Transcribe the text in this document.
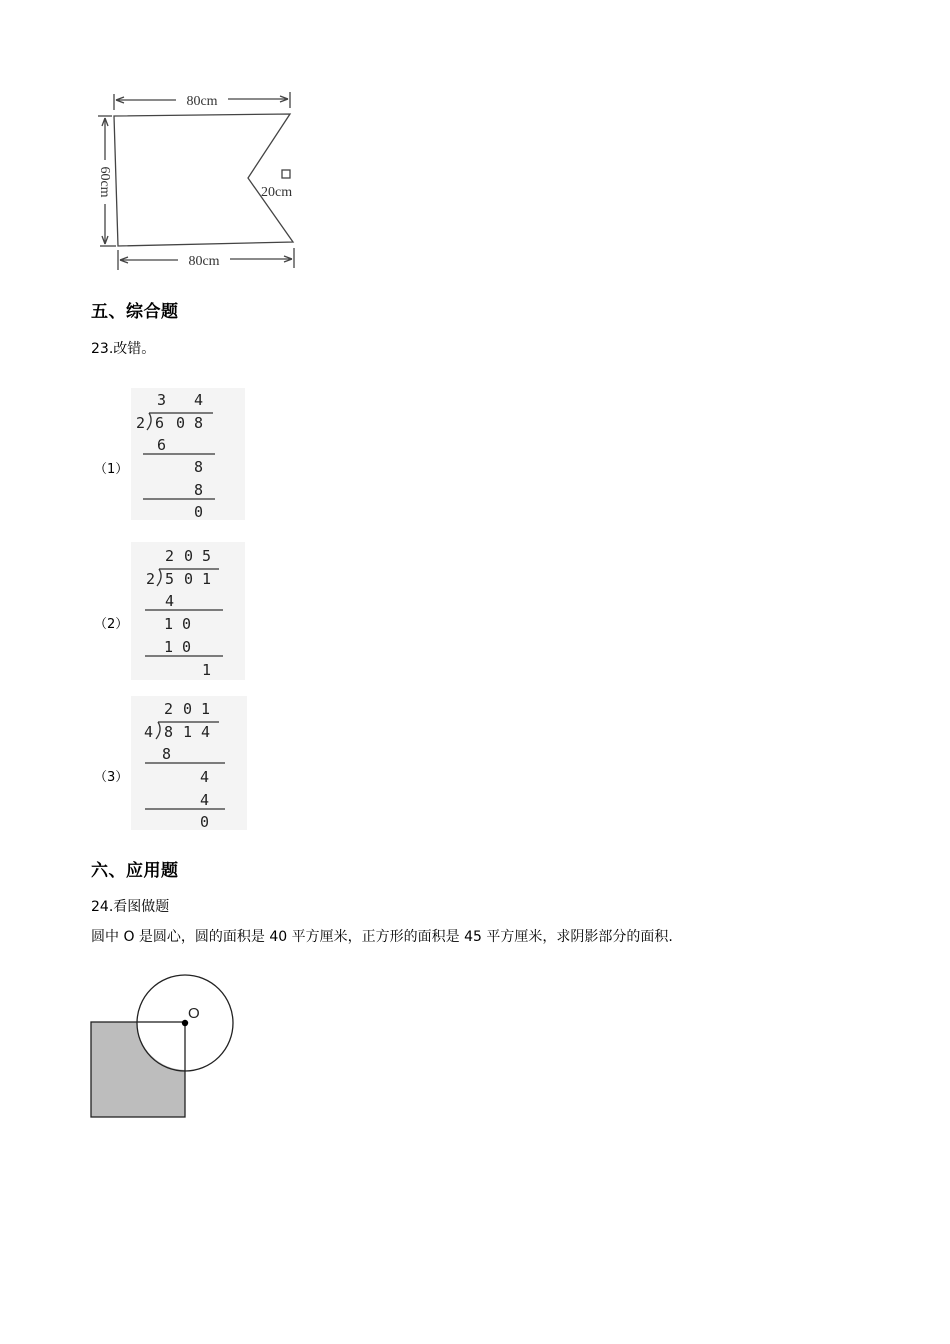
80cm
80cm
60cm	20cm
五、综合题
23.改错。
（1）
3 4
2 6 0 8
6
8
8
0
（2）
2 0 5
2 5 0 1
4
1 0
1 0
1
（3）
2 0 1
4 8 1 4
8
4
4
0
六、应用题
24.看图做题
圆中 O 是圆心，圆的面积是 40 平方厘米，正方形的面积是 45 平方厘米，求阴影部分的面积.
O
